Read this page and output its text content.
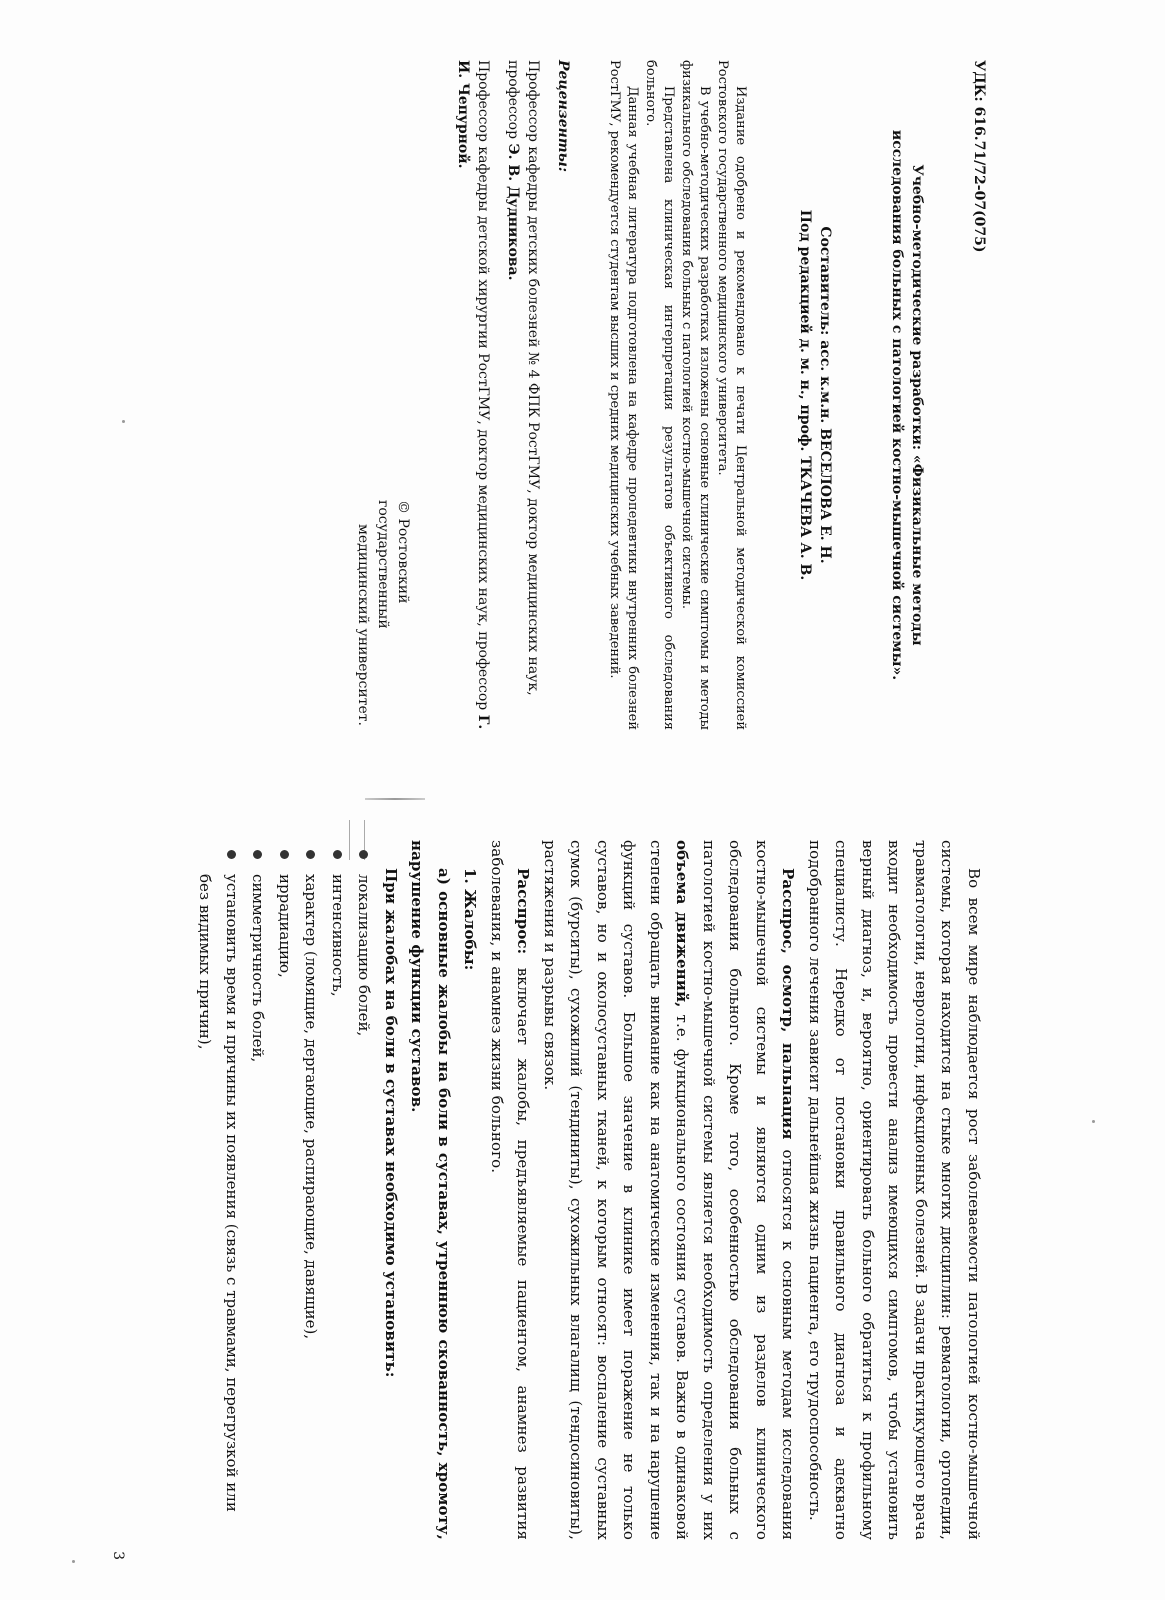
УДК: 616.71/72-07(075)
Учебно-методические разработки: «Физикальные методы
исследования больных с патологией костно-мышечной системы».
Составитель: асс. к.м.н. ВЕСЕЛОВА Е. Н.
Под редакцией д. м. н., проф. ТКАЧЕВА А. В.

Издание одобрено и рекомендовано к печати Центральной методической комиссией Ростовского государственного медицинского университета.

В учебно-методических разработках изложены основные клинические симптомы и методы физикального обследования больных с патологией костно-мышечной системы.

Представлена клиническая интерпретация результатов объективного обследования больного.

Данная учебная литература подготовлена на кафедре пропедевтики внутренних болезней РостГМУ, рекомендуется студентам высших и средних медицинских учебных заведений.

Рецензенты:

Профессор кафедры детских болезней № 4 ФПК РостГМУ, доктор медицинских наук, профессор Э. В. Дудникова.

Профессор кафедры детской хирургии РостГМУ, доктор медицинских наук, профессор Г. И. Чепурной.

© Ростовский государственный
медицинский университет.

Во всем мире наблюдается рост заболеваемости патологией костно-мышечной системы, которая находится на стыке многих дисциплин: ревматологии, ортопедии, травматологии, неврологии, инфекционных болезней. В задачи практикующего врача входит необходимость провести анализ имеющихся симптомов, чтобы установить верный диагноз, и, вероятно, ориентировать больного обратиться к профильному специалисту. Нередко от постановки правильного диагноза и адекватно подобранного лечения зависит дальнейшая жизнь пациента, его трудоспособность.

Расспрос, осмотр, пальпация относятся к основным методам исследования костно-мышечной системы и являются одним из разделов клинического обследования больного. Кроме того, особенностью обследования больных с патологией костно-мышечной системы является необходимость определения у них объема движений, т.е. функционального состояния суставов. Важно в одинаковой степени обращать внимание как на анатомические изменения, так и на нарушение функций суставов. Большое значение в клинике имеет поражение не только суставов, но и околосуставных тканей, к которым относят: воспаление суставных сумок (бурситы), сухожилий (тендиниты), сухожильных влагалищ (тендосиновиты), растяжения и разрывы связок.

Расспрос: включает жалобы, предъявляемые пациентом, анамнез развития заболевания, и анамнез жизни больного.

1. Жалобы:

а) основные жалобы на боли в суставах, утреннюю скованность, хромоту, нарушение функции суставов.

При жалобах на боли в суставах необходимо установить:

локализацию болей,
интенсивность,
характер (ломящие, дергающие, распирающие, давящие),
иррадиацию,
симметричность болей,
установить время и причины их появления (связь с травмами, перегрузкой или без видимых причин),
3
